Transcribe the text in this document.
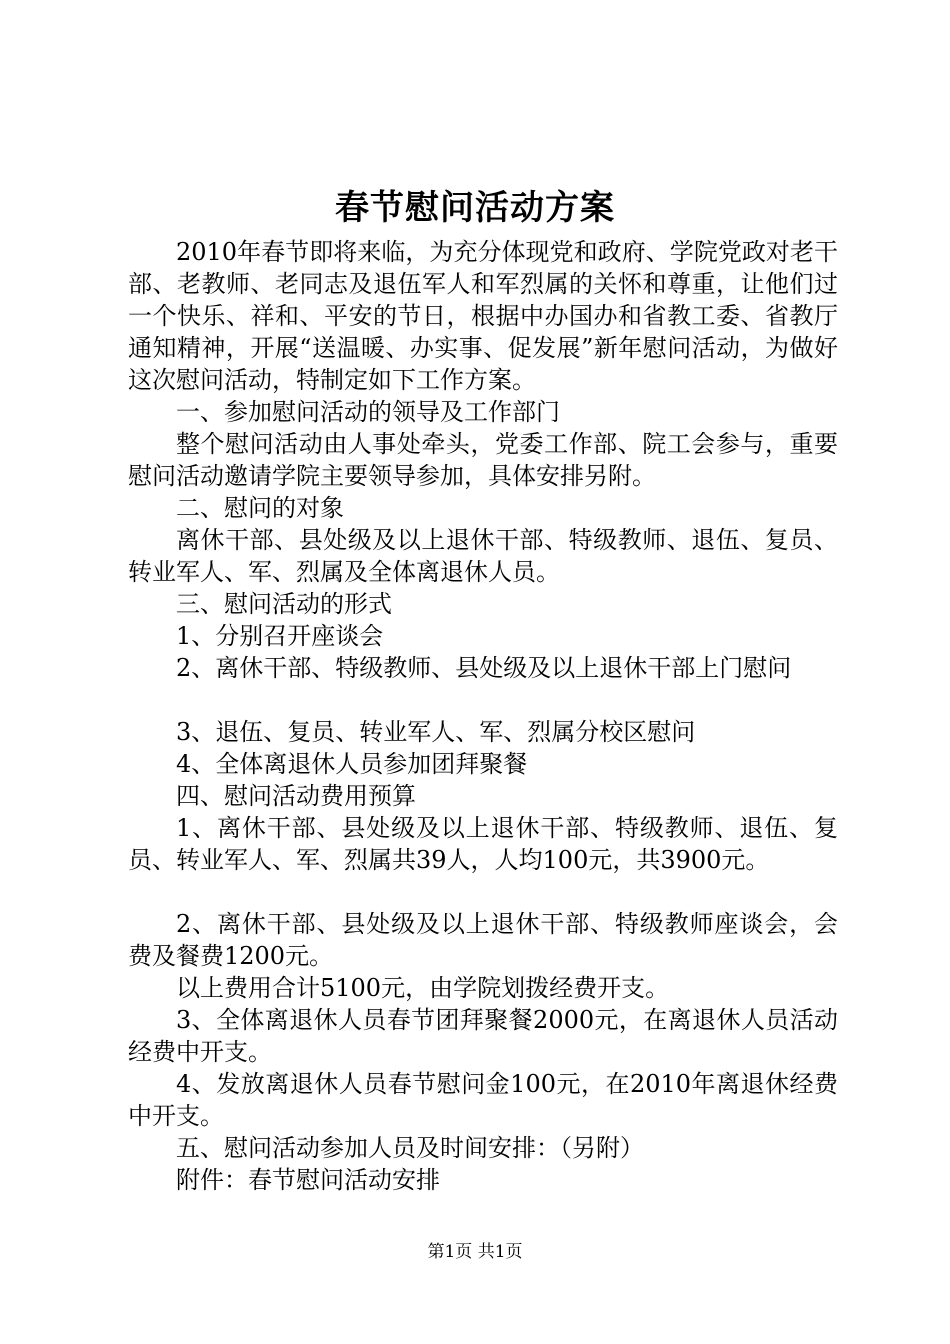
春节慰问活动方案

2010年春节即将来临，为充分体现党和政府、学院党政对老干部、老教师、老同志及退伍军人和军烈属的关怀和尊重，让他们过一个快乐、祥和、平安的节日，根据中办国办和省教工委、省教厅通知精神，开展“送温暖、办实事、促发展”新年慰问活动，为做好这次慰问活动，特制定如下工作方案。

一、参加慰问活动的领导及工作部门

整个慰问活动由人事处牵头，党委工作部、院工会参与，重要慰问活动邀请学院主要领导参加，具体安排另附。

二、慰问的对象

离休干部、县处级及以上退休干部、特级教师、退伍、复员、转业军人、军、烈属及全体离退休人员。

三、慰问活动的形式

1、分别召开座谈会

2、离休干部、特级教师、县处级及以上退休干部上门慰问

3、退伍、复员、转业军人、军、烈属分校区慰问

4、全体离退休人员参加团拜聚餐

四、慰问活动费用预算

1、离休干部、县处级及以上退休干部、特级教师、退伍、复员、转业军人、军、烈属共39人，人均100元，共3900元。

2、离休干部、县处级及以上退休干部、特级教师座谈会，会费及餐费1200元。

以上费用合计5100元，由学院划拨经费开支。

3、全体离退休人员春节团拜聚餐2000元，在离退休人员活动经费中开支。

4、发放离退休人员春节慰问金100元，在2010年离退休经费中开支。

五、慰问活动参加人员及时间安排：（另附）

附件：春节慰问活动安排

第1页 共1页
